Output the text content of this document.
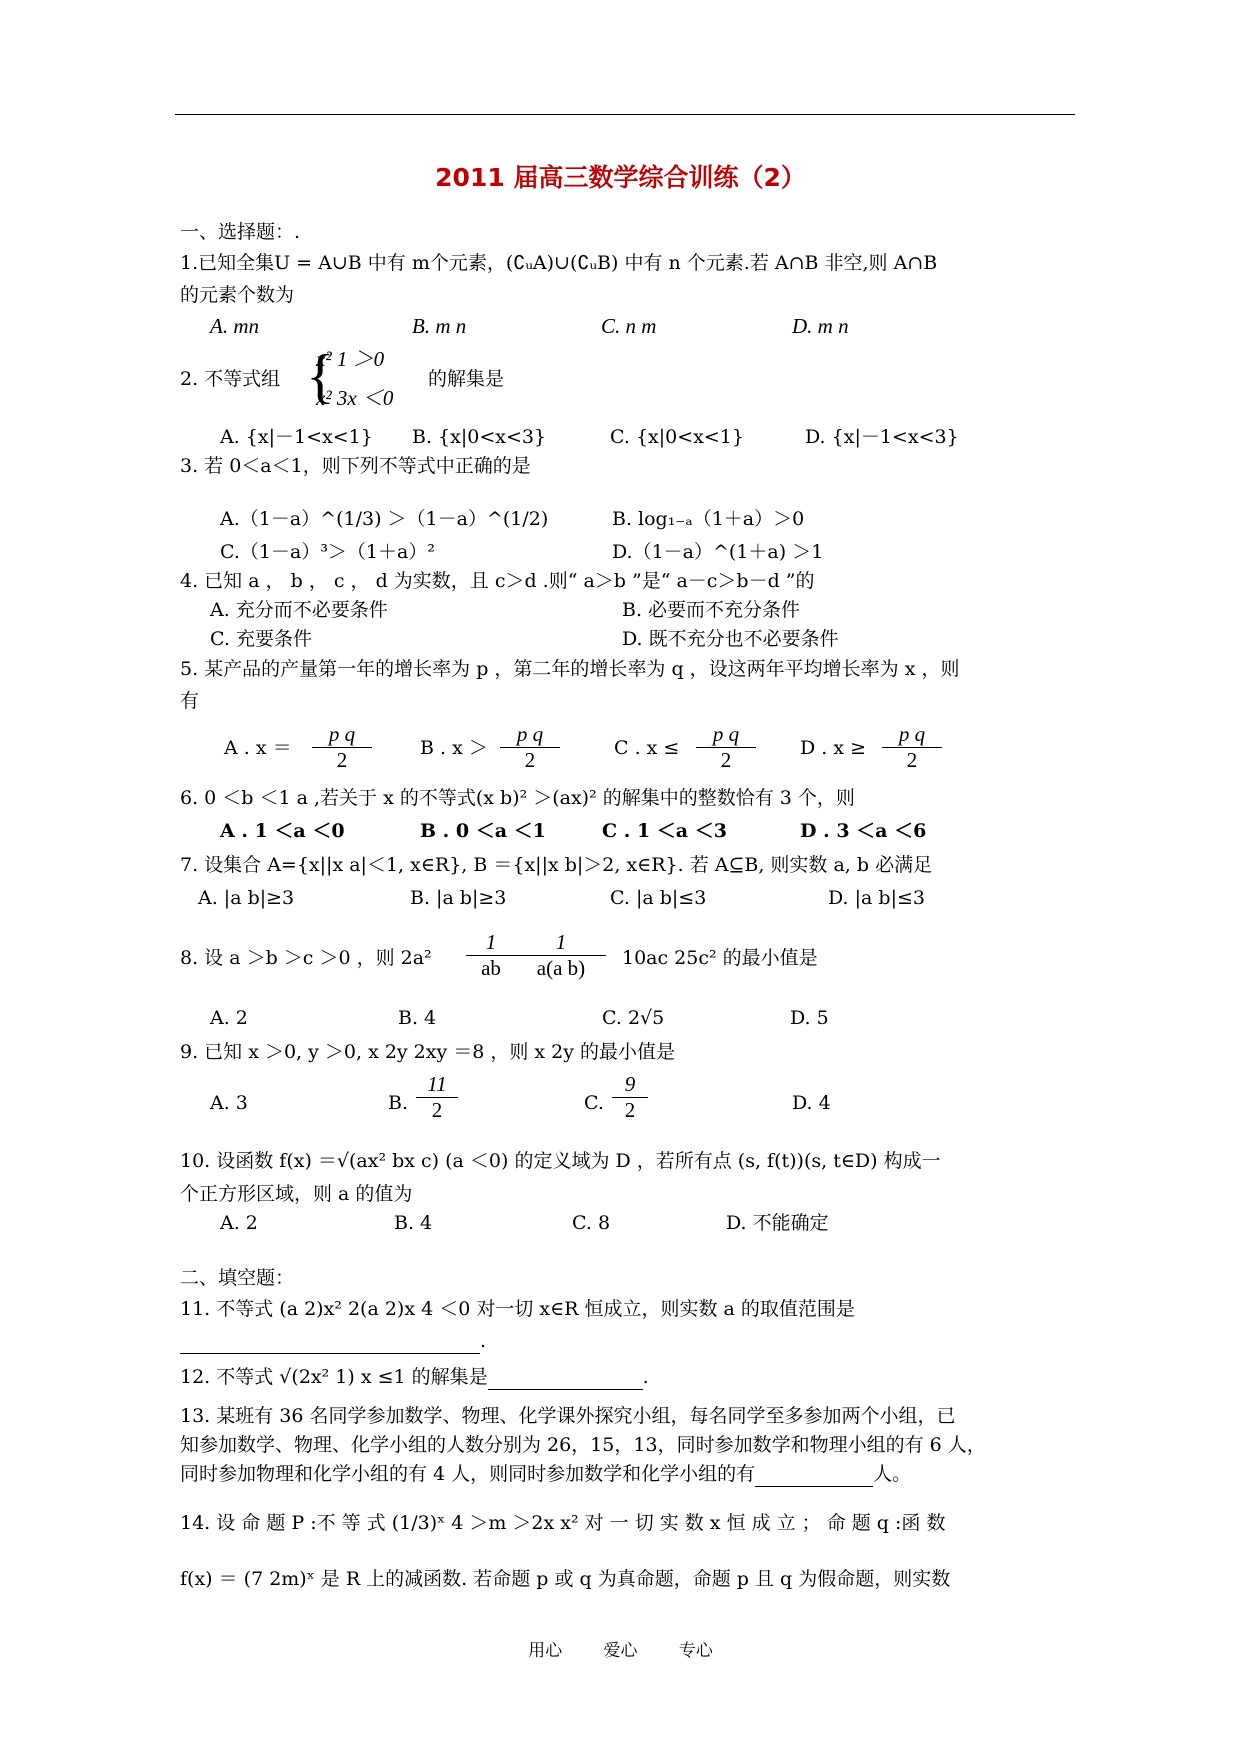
2011 届高三数学综合训练（2）
一、选择题：.
1.已知全集U = A∪B 中有 m个元素，(∁ᵤA)∪(∁ᵤB) 中有 n 个元素.若 A∩B 非空,则 A∩B
的元素个数为
A. mn	B. m n	C. n m	D. m n
2. 不等式组 {
x² 1 ＞0
x² 3x ＜0
的解集是
A. {x|－1<x<1} B. {x|0<x<3}	C. {x|0<x<1}	D. {x|－1<x<3}
3. 若 0＜a＜1，则下列不等式中正确的是
A.（1－a）^(1/3) ＞（1－a）^(1/2)	B. log₁₋ₐ（1＋a）＞0
C.（1－a）³＞（1＋a）²	D.（1－a）^(1＋a) ＞1
4. 已知 a ， b ， c ， d 为实数，且 c＞d .则“ a＞b ”是“ a－c＞b－d ”的
A. 充分而不必要条件	B. 必要而不充分条件
C. 充要条件	D. 既不充分也不必要条件
5. 某产品的产量第一年的增长率为 p ，第二年的增长率为 q ，设这两年平均增长率为 x ，则
有
A . $x = \frac{\text{p q}}{2}$	B . $x > \frac{\text{p q}}{2}$	C . $x \le \frac{\text{p q}}{2}$ D . $x \ge \frac{\text{p q}}{2}$
6. 0 ＜b ＜1 a ,若关于 x 的不等式(x b)² ＞(ax)² 的解集中的整数恰有 3 个，则
A . 1 ＜a ＜0	B . 0 ＜a ＜1	C . 1 ＜a ＜3	D . 3 ＜a ＜6
7. 设集合 A={x||x a|＜1, x∈R}, B ＝{x||x b|＞2, x∈R}. 若 A⊆B, 则实数 a, b 必满足
A. |a b|≥3	B. |a b|≥3	C. |a b|≤3	D. |a b|≤3
8. 设 a ＞b ＞c ＞0 ，则 $2a^2 \frac{1}{ab} \frac{1}{\text{a(a b)}} 10ac$ 25c² 的最小值是
A. 2	B. 4	C. 2√5	D. 5
9. 已知 x ＞0, y ＞0, x 2y 2xy ＝8 ，则 x 2y 的最小值是
A. 3	B. $\frac{11}{2}$	C. $\frac{9}{2}$	D. 4
10. 设函数 f(x) ＝√(ax² bx c) (a ＜0) 的定义域为 D ，若所有点 (s, f(t))(s, t∈D) 构成一
个正方形区域，则 a 的值为
A. 2	B. 4	C. 8	D. 不能确定
二、填空题：
11. 不等式 (a 2)x² 2(a 2)x 4 ＜0 对一切 x∈R 恒成立，则实数 a 的取值范围是
.
12. 不等式 √(2x² 1) x ≤1 的解集是	.
13. 某班有 36 名同学参加数学、物理、化学课外探究小组，每名同学至多参加两个小组，已
知参加数学、物理、化学小组的人数分别为 26，15，13，同时参加数学和物理小组的有 6 人，
同时参加物理和化学小组的有 4 人，则同时参加数学和化学小组的有	人。
14. 设 命 题 P :不 等 式 (1/3)ˣ 4 ＞m ＞2x x² 对 一 切 实 数 x 恒 成 立 ； 命 题 q :函 数
f(x) ＝ (7 2m)ˣ 是 R 上的减函数. 若命题 p 或 q 为真命题，命题 p 且 q 为假命题，则实数
用心 爱心 专心
